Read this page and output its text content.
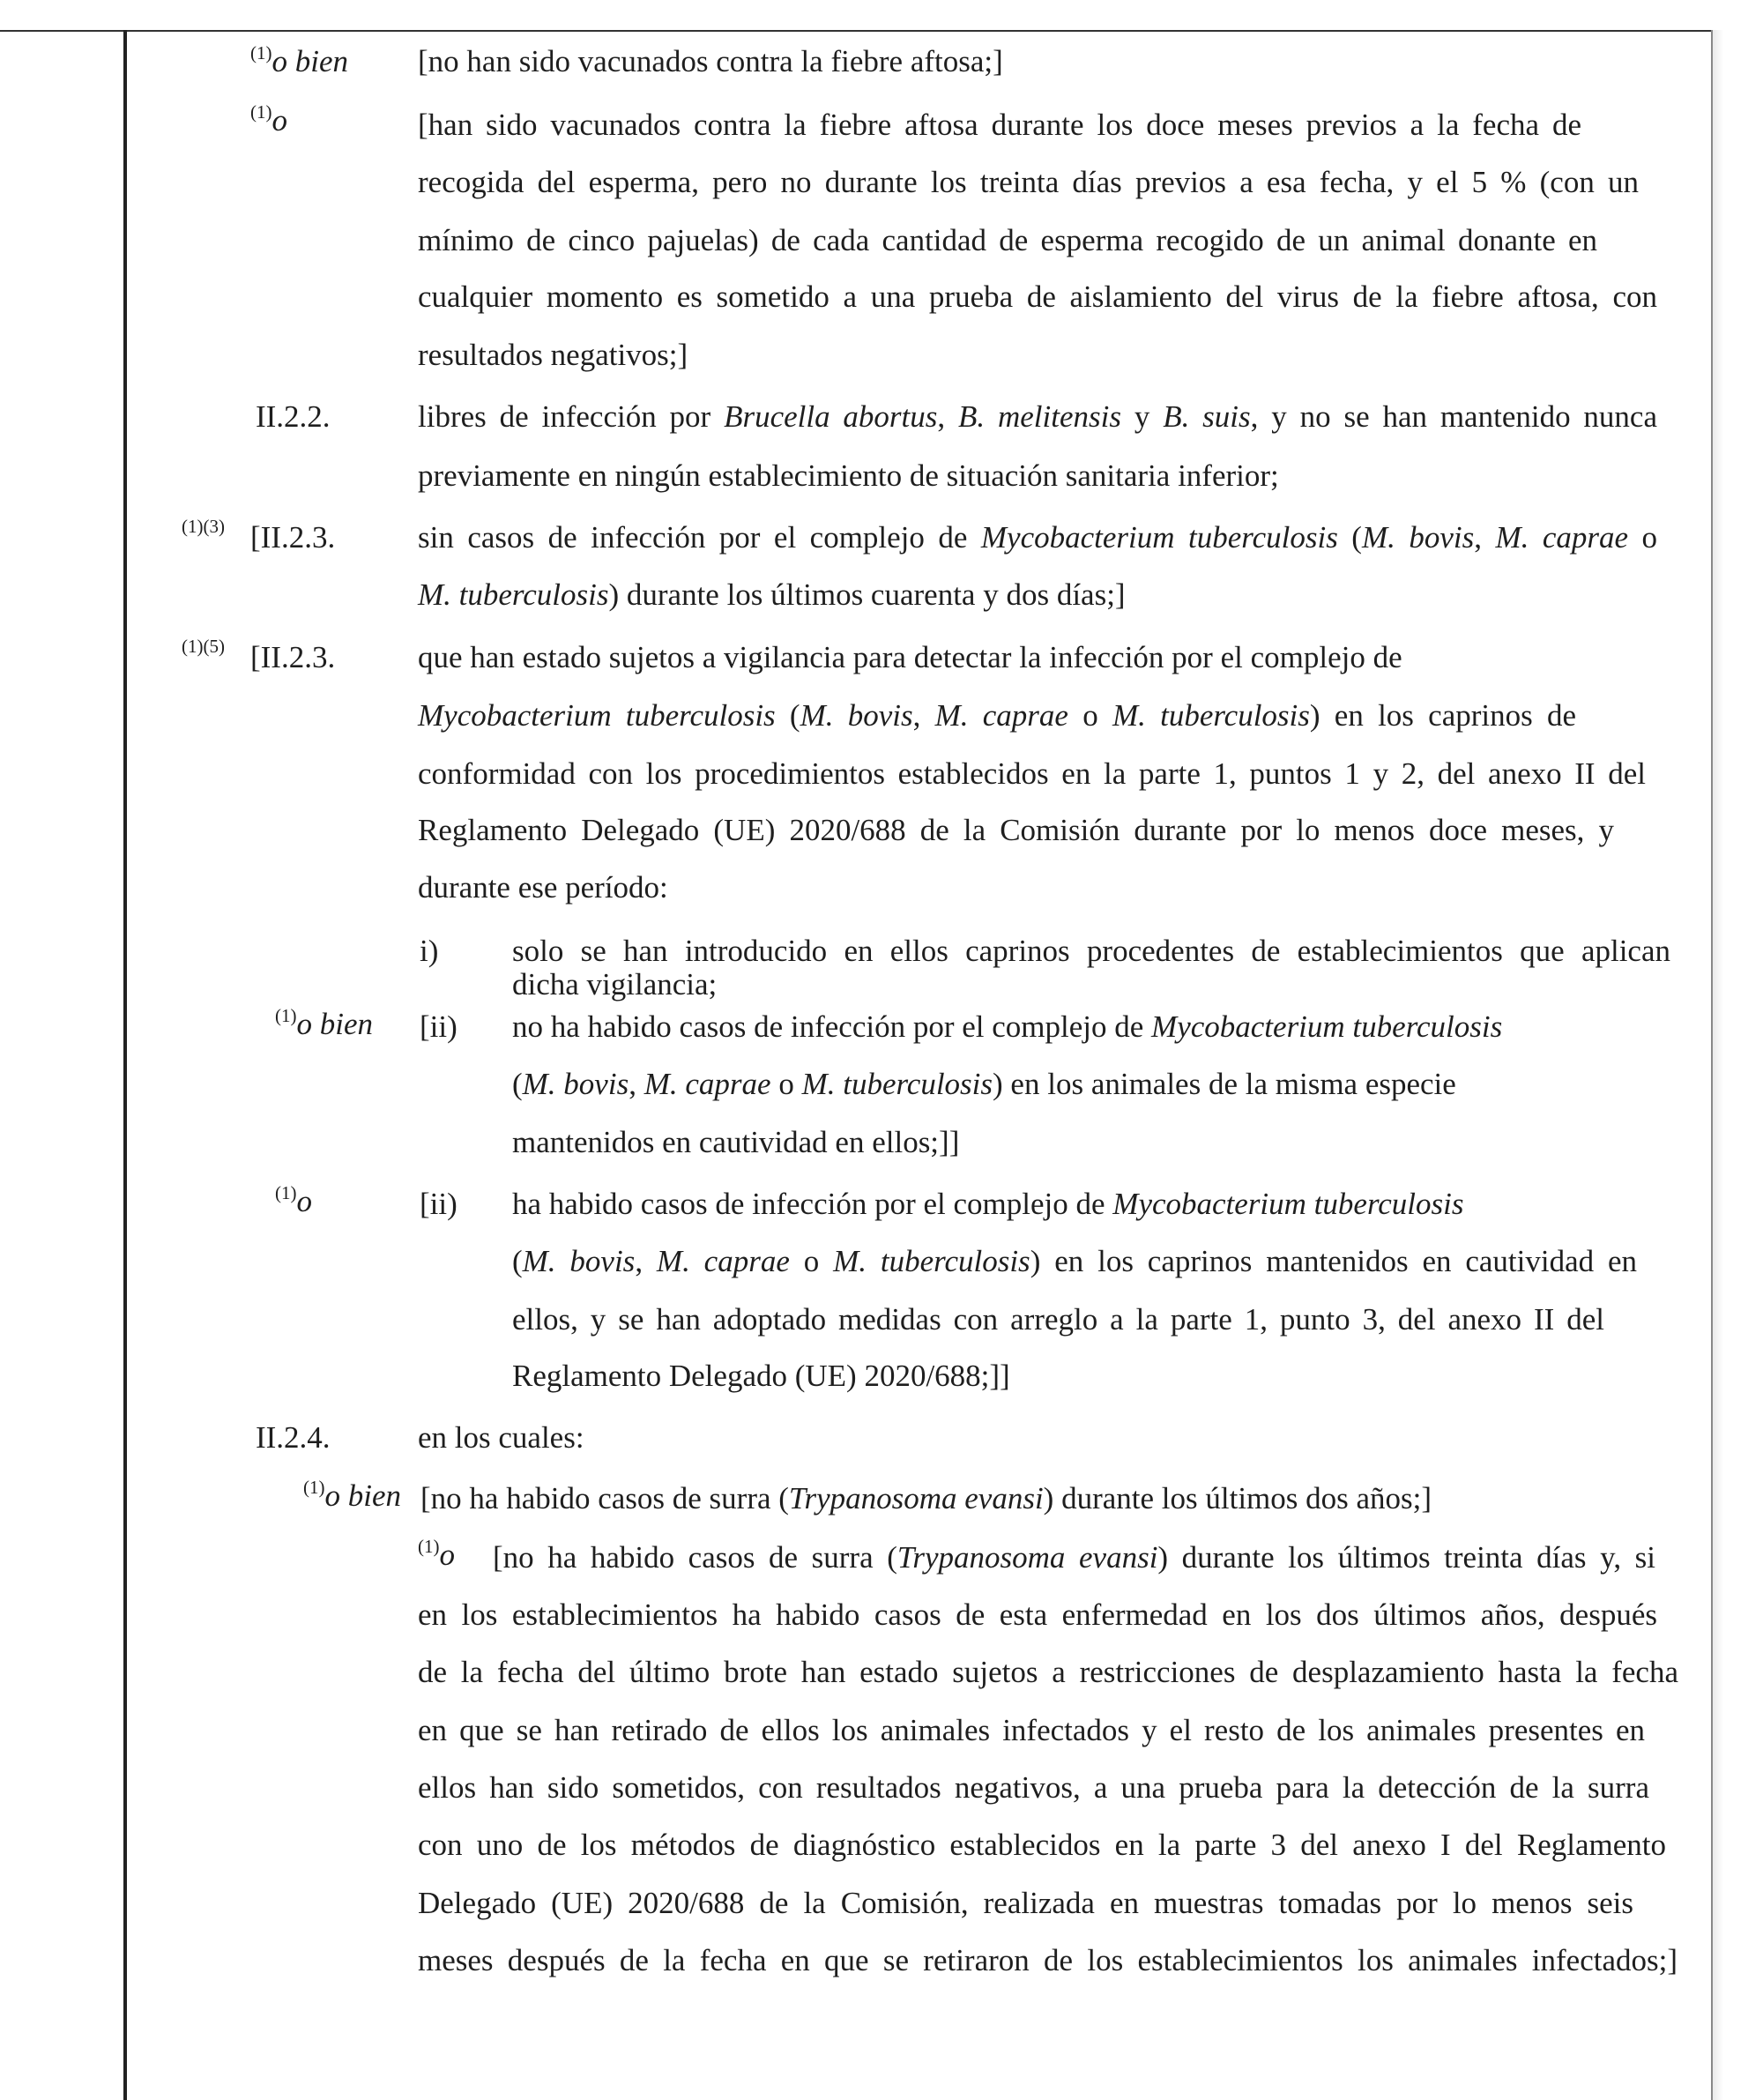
$^{(1)}$o bien [no han sido vacunados contra la fiebre aftosa;]
$^{(1)}$o	[han sido vacunados contra la fiebre aftosa durante los doce meses previos a la fecha de
recogida del esperma, pero no durante los treinta días previos a esa fecha, y el 5 % (con un
mínimo de cinco pajuelas) de cada cantidad de esperma recogido de un animal donante en
cualquier momento es sometido a una prueba de aislamiento del virus de la fiebre aftosa, con
resultados negativos;]
II.2.2.	libres de infección por Brucella abortus, B. melitensis y B. suis, y no se han mantenido nunca
previamente en ningún establecimiento de situación sanitaria inferior;
$^{(1)(3)}$ [II.2.3.	sin casos de infección por el complejo de Mycobacterium tuberculosis (M. bovis, M. caprae o
M. tuberculosis) durante los últimos cuarenta y dos días;]
$^{(1)(5)}$ [II.2.3.	que han estado sujetos a vigilancia para detectar la infección por el complejo de
Mycobacterium tuberculosis (M. bovis, M. caprae o M. tuberculosis) en los caprinos de
conformidad con los procedimientos establecidos en la parte 1, puntos 1 y 2, del anexo II del
Reglamento Delegado (UE) 2020/688 de la Comisión durante por lo menos doce meses, y
durante ese período:
i) solo se han introducido en ellos caprinos procedentes de establecimientos que aplican
dicha vigilancia;
$^{(1)}$o bien [ii) no ha habido casos de infección por el complejo de Mycobacterium tuberculosis
(M. bovis, M. caprae o M. tuberculosis) en los animales de la misma especie
mantenidos en cautividad en ellos;]]
$^{(1)}$o	[ii) ha habido casos de infección por el complejo de Mycobacterium tuberculosis
(M. bovis, M. caprae o M. tuberculosis) en los caprinos mantenidos en cautividad en
ellos, y se han adoptado medidas con arreglo a la parte 1, punto 3, del anexo II del
Reglamento Delegado (UE) 2020/688;]]
II.2.4.	en los cuales:
$^{(1)}$o bien [no ha habido casos de surra (Trypanosoma evansi) durante los últimos dos años;]
$^{(1)}$o [no ha habido casos de surra (Trypanosoma evansi) durante los últimos treinta días y, si
en los establecimientos ha habido casos de esta enfermedad en los dos últimos años, después
de la fecha del último brote han estado sujetos a restricciones de desplazamiento hasta la fecha
en que se han retirado de ellos los animales infectados y el resto de los animales presentes en
ellos han sido sometidos, con resultados negativos, a una prueba para la detección de la surra
con uno de los métodos de diagnóstico establecidos en la parte 3 del anexo I del Reglamento
Delegado (UE) 2020/688 de la Comisión, realizada en muestras tomadas por lo menos seis
meses después de la fecha en que se retiraron de los establecimientos los animales infectados;]
